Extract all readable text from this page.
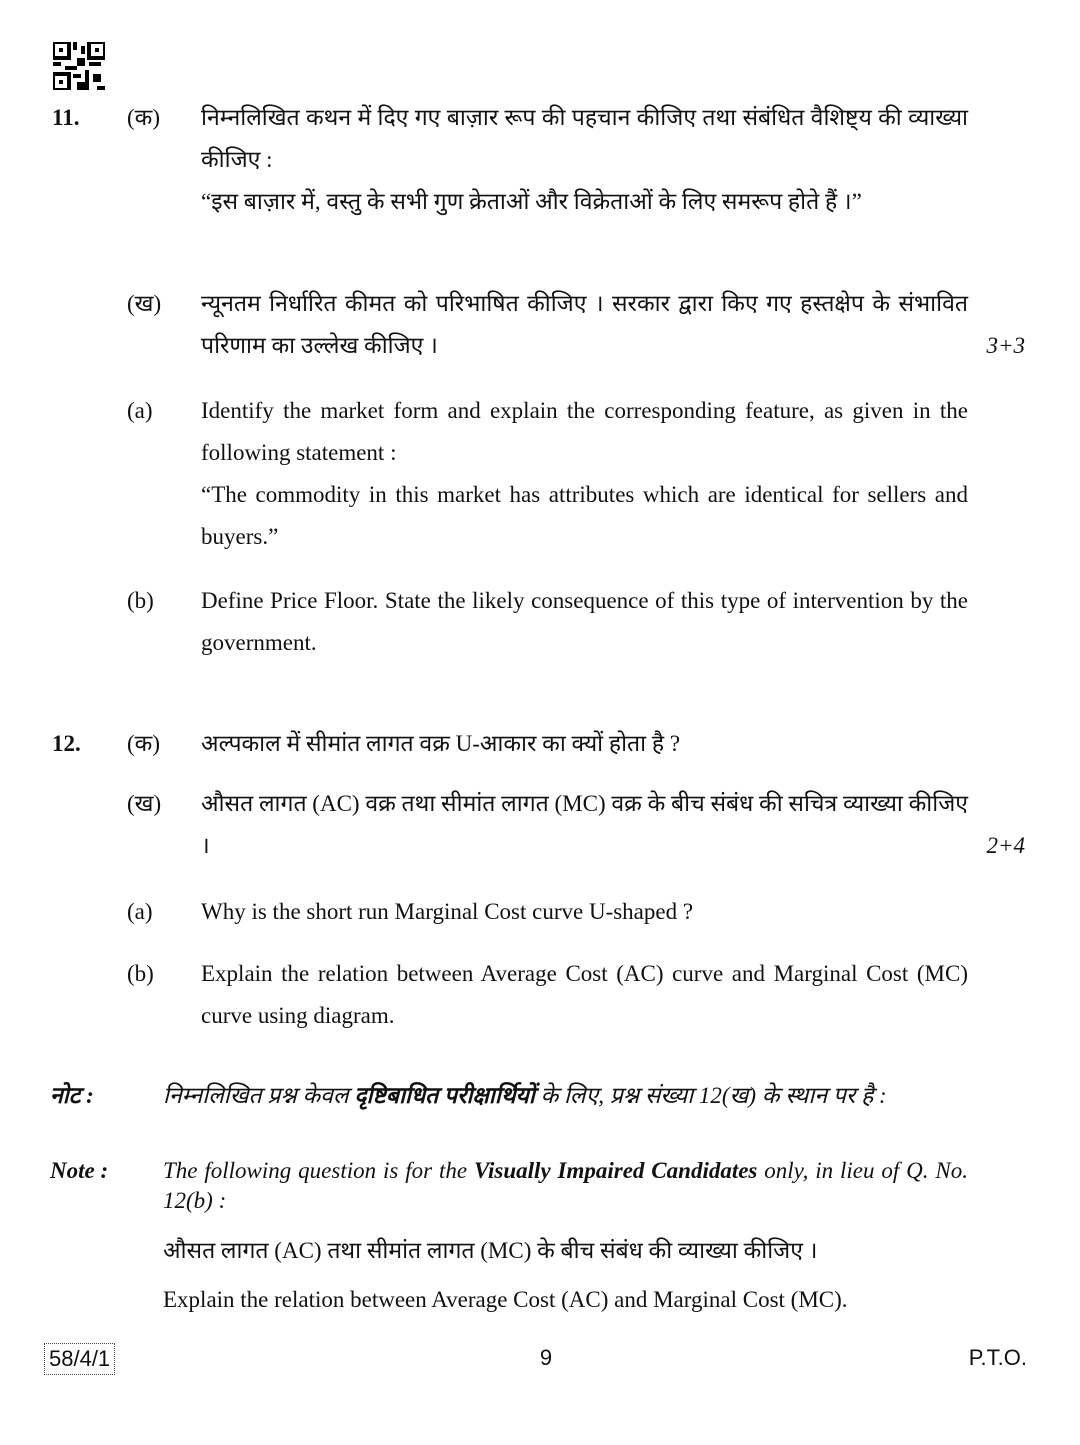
11. (क) निम्नलिखित कथन में दिए गए बाज़ार रूप की पहचान कीजिए तथा संबंधित वैशिष्ट्य की व्याख्या कीजिए :
“इस बाज़ार में, वस्तु के सभी गुण क्रेताओं और विक्रेताओं के लिए समरूप होते हैं ।”
(ख) न्यूनतम निर्धारित कीमत को परिभाषित कीजिए । सरकार द्वारा किए गए हस्तक्षेप के संभावित परिणाम का उल्लेख कीजिए ।	3+3
(a) Identify the market form and explain the corresponding feature, as given in the following statement :
“The commodity in this market has attributes which are identical for sellers and buyers.”
(b) Define Price Floor. State the likely consequence of this type of intervention by the government.
12. (क) अल्पकाल में सीमांत लागत वक्र U-आकार का क्यों होता है ?
(ख) औसत लागत (AC) वक्र तथा सीमांत लागत (MC) वक्र के बीच संबंध की सचित्र व्याख्या कीजिए ।	2+4
(a) Why is the short run Marginal Cost curve U-shaped ?
(b) Explain the relation between Average Cost (AC) curve and Marginal Cost (MC) curve using diagram.
नोट :	निम्नलिखित प्रश्न केवल दृष्टिबाधित परीक्षार्थियों के लिए, प्रश्न संख्या 12(ख) के स्थान पर है :
Note : The following question is for the Visually Impaired Candidates only, in lieu of Q. No. 12(b) :
औसत लागत (AC) तथा सीमांत लागत (MC) के बीच संबंध की व्याख्या कीजिए ।
Explain the relation between Average Cost (AC) and Marginal Cost (MC).
58/4/1	9	P.T.O.
